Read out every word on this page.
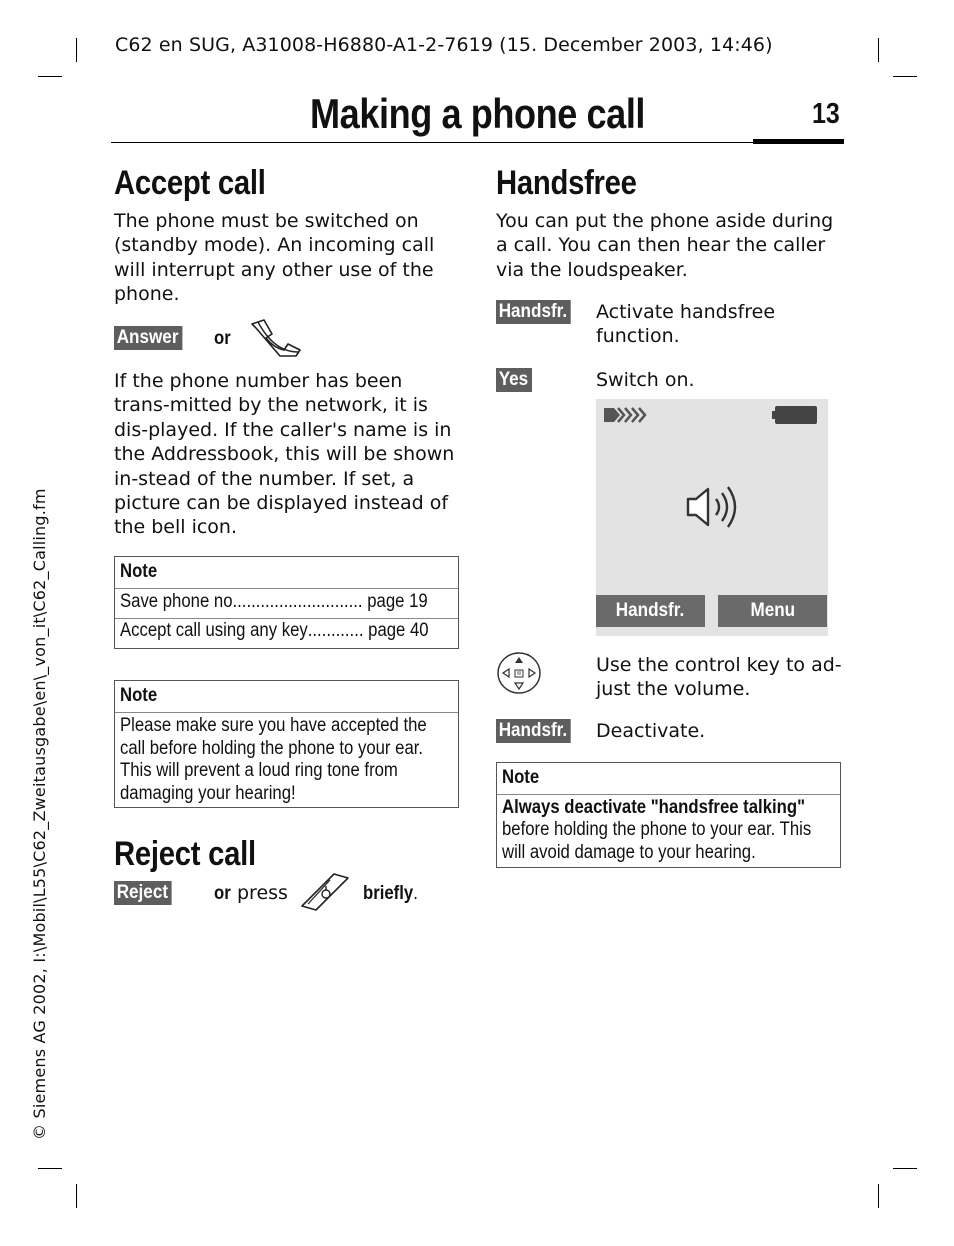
C62 en SUG, A31008-H6880-A1-2-7619 (15. December 2003, 14:46)
Making a phone call	13
© Siemens AG 2002, I:\Mobil\L55\C62_Zweitausgabe\en\_von_it\C62_Calling.fm
Accept call

The phone must be switched on (standby mode). An incoming call will interrupt any other use of the phone.

Answer or

If the phone number has been trans-mitted by the network, it is dis-played. If the caller's name is in the Addressbook, this will be shown in-stead of the number. If set, a picture can be displayed instead of the bell icon.

Note
Save phone no............................ page 19
Accept call using any key............ page 40
Note
Please make sure you have accepted the call before holding the phone to your ear. This will prevent a loud ring tone from damaging your hearing!
Reject call
Reject or press	briefly.
Handsfree

You can put the phone aside during a call. You can then hear the caller via the loudspeaker.

Handsfr. Activate handsfree function.
Yes	Switch on.
Handsfr.	Menu
Use the control key to ad-just the volume.
Handsfr. Deactivate.
Note
Always deactivate "handsfree talking"
before holding the phone to your ear. This will avoid damage to your hearing.
